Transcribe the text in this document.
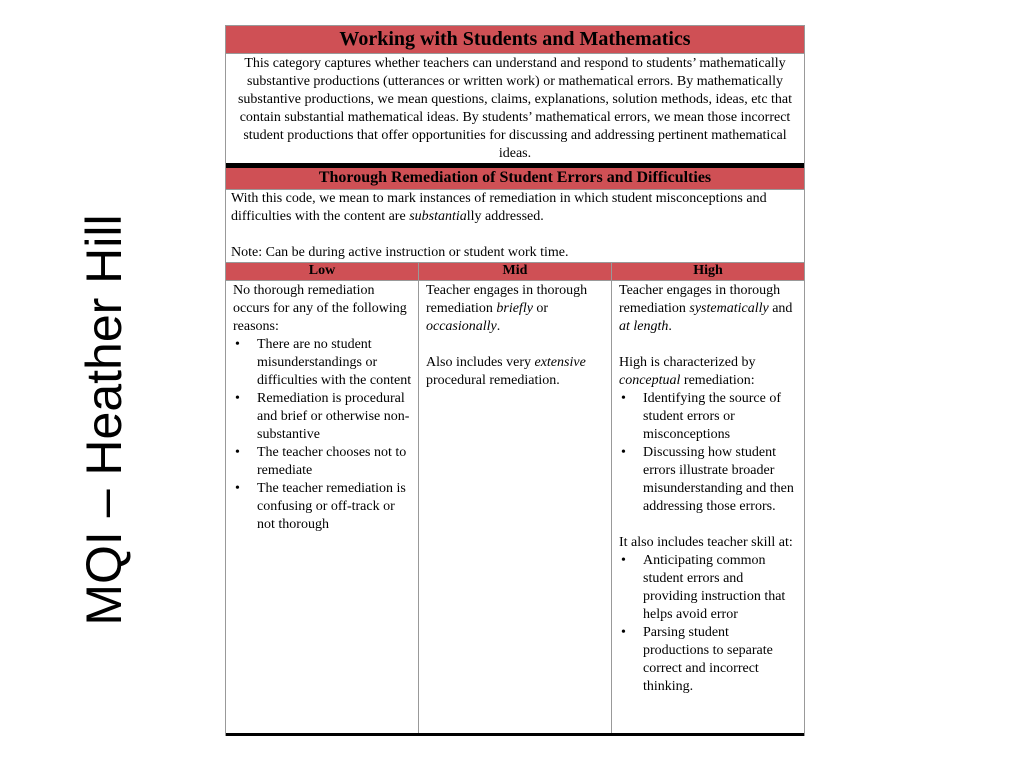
MQI – Heather Hill
Working with Students and Mathematics
This category captures whether teachers can understand and respond to students’ mathematically substantive productions (utterances or written work) or mathematical errors. By mathematically substantive productions, we mean questions, claims, explanations, solution methods, ideas, etc that contain substantial mathematical ideas. By students’ mathematical errors, we mean those incorrect student productions that offer opportunities for discussing and addressing pertinent mathematical ideas.
Thorough Remediation of Student Errors and Difficulties

With this code, we mean to mark instances of remediation in which student misconceptions and difficulties with the content are substantially addressed.

Note: Can be during active instruction or student work time.

Low	Mid	High

No thorough remediation occurs for any of the following reasons:

• There are no student misunderstandings or difficulties with the content
• Remediation is procedural and brief or otherwise non-substantive
• The teacher chooses not to remediate
• The teacher remediation is confusing or off-track or not thorough

Teacher engages in thorough remediation briefly or occasionally.

Also includes very extensive procedural remediation.

Teacher engages in thorough remediation systematically and at length.

High is characterized by conceptual remediation:

• Identifying the source of student errors or misconceptions
• Discussing how student errors illustrate broader misunderstanding and then addressing those errors.

It also includes teacher skill at:

• Anticipating common student errors and providing instruction that helps avoid error
• Parsing student productions to separate correct and incorrect thinking.
